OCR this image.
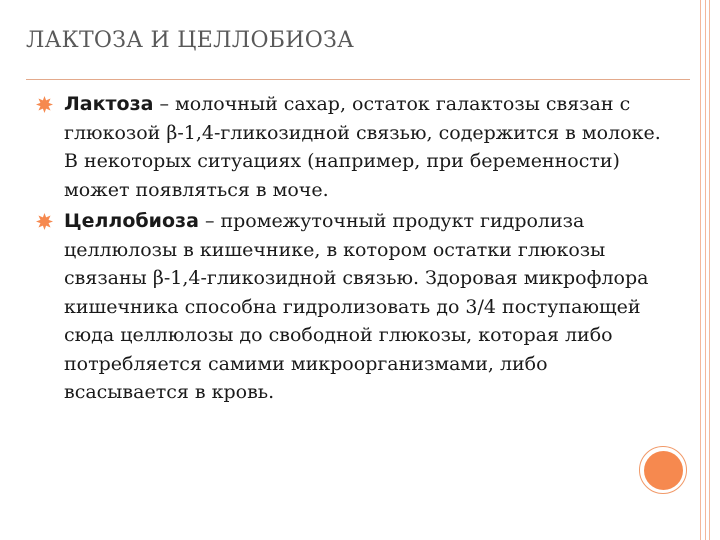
ЛАКТОЗА И ЦЕЛЛОБИОЗА
Лактоза – молочный сахар, остаток галактозы связан с глюкозой β-1,4-гликозидной связью, содержится в молоке. В некоторых ситуациях (например, при беременности) может появляться в моче.
Целлобиоза – промежуточный продукт гидролиза целлюлозы в кишечнике, в котором остатки глюкозы связаны β-1,4-гликозидной связью. Здоровая микрофлора кишечника способна гидролизовать до 3/4 поступающей сюда целлюлозы до свободной глюкозы, которая либо потребляется самими микроорганизмами, либо всасывается в кровь.
